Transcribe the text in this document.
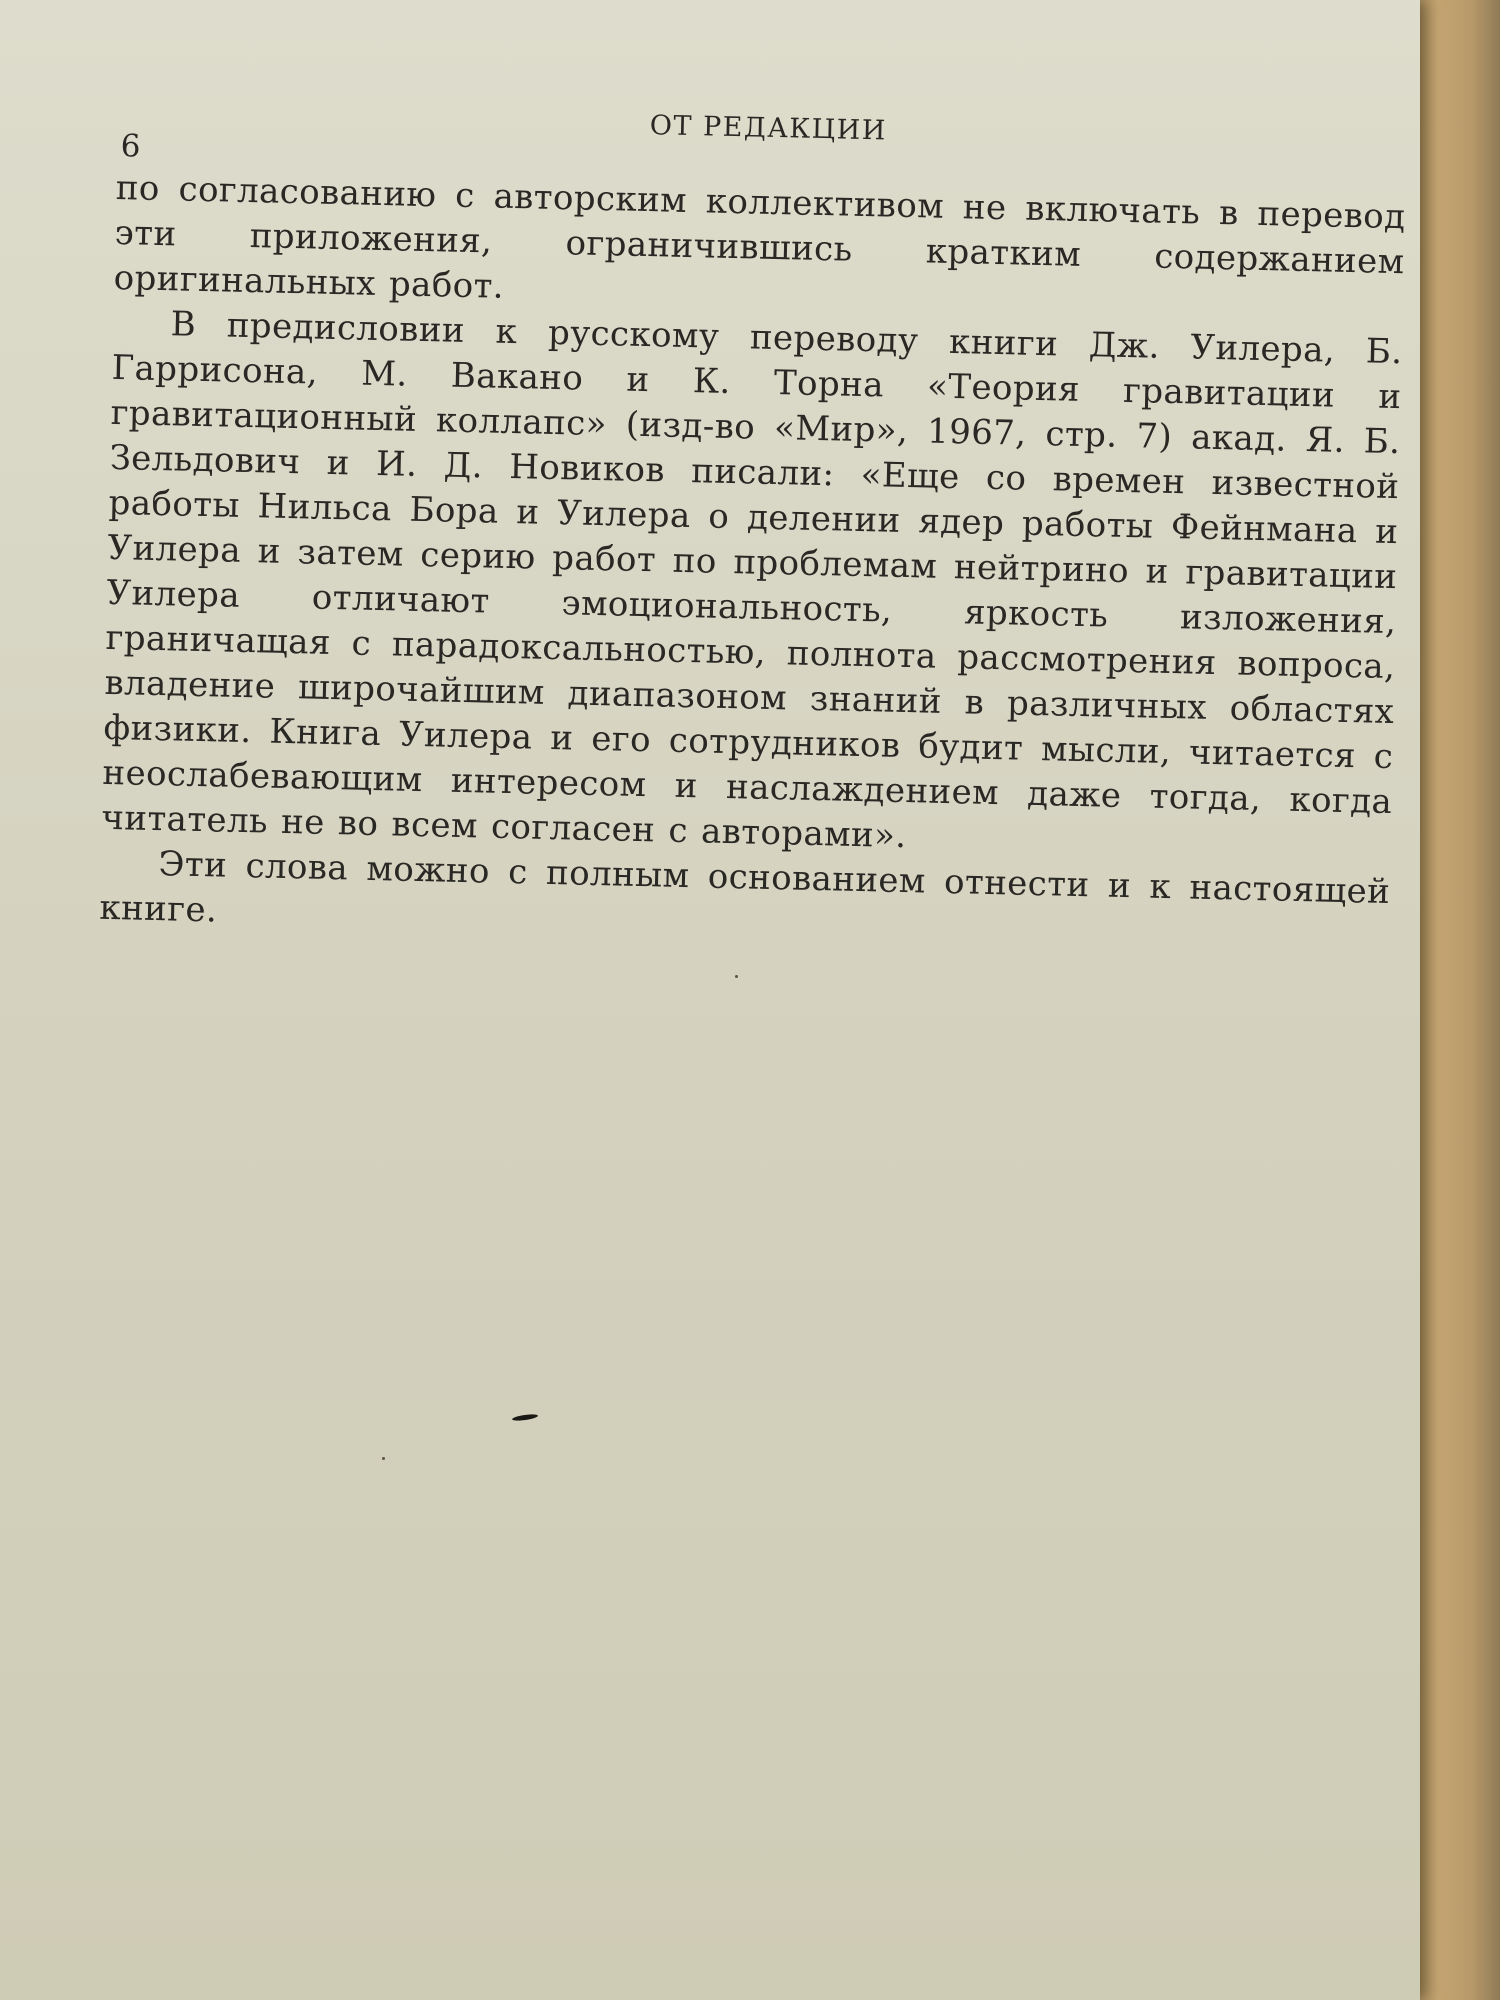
6	ОТ РЕДАКЦИИ

по согласованию с авторским коллективом не включать в перевод эти приложения, ограничившись кратким содержанием оригинальных работ.

В предисловии к русскому переводу книги Дж. Уилера, Б. Гаррисона, М. Вакано и К. Торна «Теория гравитации и гравитационный коллапс» (изд-во «Мир», 1967, стр. 7) акад. Я. Б. Зельдович и И. Д. Новиков писали: «Еще со времен известной работы Нильса Бора и Уилера о делении ядер работы Фейнмана и Уилера и затем серию работ по проблемам нейтрино и гравитации Уилера отличают эмоциональность, яркость изложения, граничащая с парадоксальностью, полнота рассмотрения вопроса, владение широчайшим диапазоном знаний в различных областях физики. Книга Уилера и его сотрудников будит мысли, читается с неослабевающим интересом и наслаждением даже тогда, когда читатель не во всем согласен с авторами».

Эти слова можно с полным основанием отнести и к настоящей книге.
